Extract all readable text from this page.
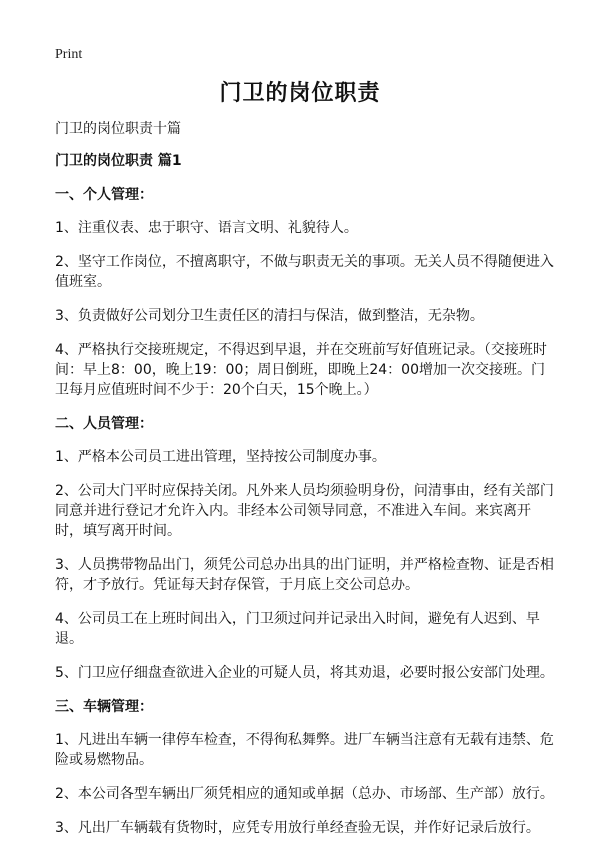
Print
门卫的岗位职责
门卫的岗位职责十篇
门卫的岗位职责 篇1
一、个人管理：
1、注重仪表、忠于职守、语言文明、礼貌待人。
2、坚守工作岗位，不擅离职守，不做与职责无关的事项。无关人员不得随便进入值班室。
3、负责做好公司划分卫生责任区的清扫与保洁，做到整洁，无杂物。
4、严格执行交接班规定，不得迟到早退，并在交班前写好值班记录。（交接班时间：早上8：00，晚上19：00；周日倒班，即晚上24：00增加一次交接班。门卫每月应值班时间不少于：20个白天，15个晚上。）
二、人员管理：
1、严格本公司员工进出管理，坚持按公司制度办事。
2、公司大门平时应保持关闭。凡外来人员均须验明身份，问清事由，经有关部门同意并进行登记才允许入内。非经本公司领导同意，不准进入车间。来宾离开时，填写离开时间。
3、人员携带物品出门，须凭公司总办出具的出门证明，并严格检查物、证是否相符，才予放行。凭证每天封存保管，于月底上交公司总办。
4、公司员工在上班时间出入，门卫须过问并记录出入时间，避免有人迟到、早退。
5、门卫应仔细盘查欲进入企业的可疑人员，将其劝退，必要时报公安部门处理。
三、车辆管理：
1、凡进出车辆一律停车检查，不得徇私舞弊。进厂车辆当注意有无载有违禁、危险或易燃物品。
2、本公司各型车辆出厂须凭相应的通知或单据（总办、市场部、生产部）放行。
3、凡出厂车辆载有货物时，应凭专用放行单经查验无误，并作好记录后放行。
